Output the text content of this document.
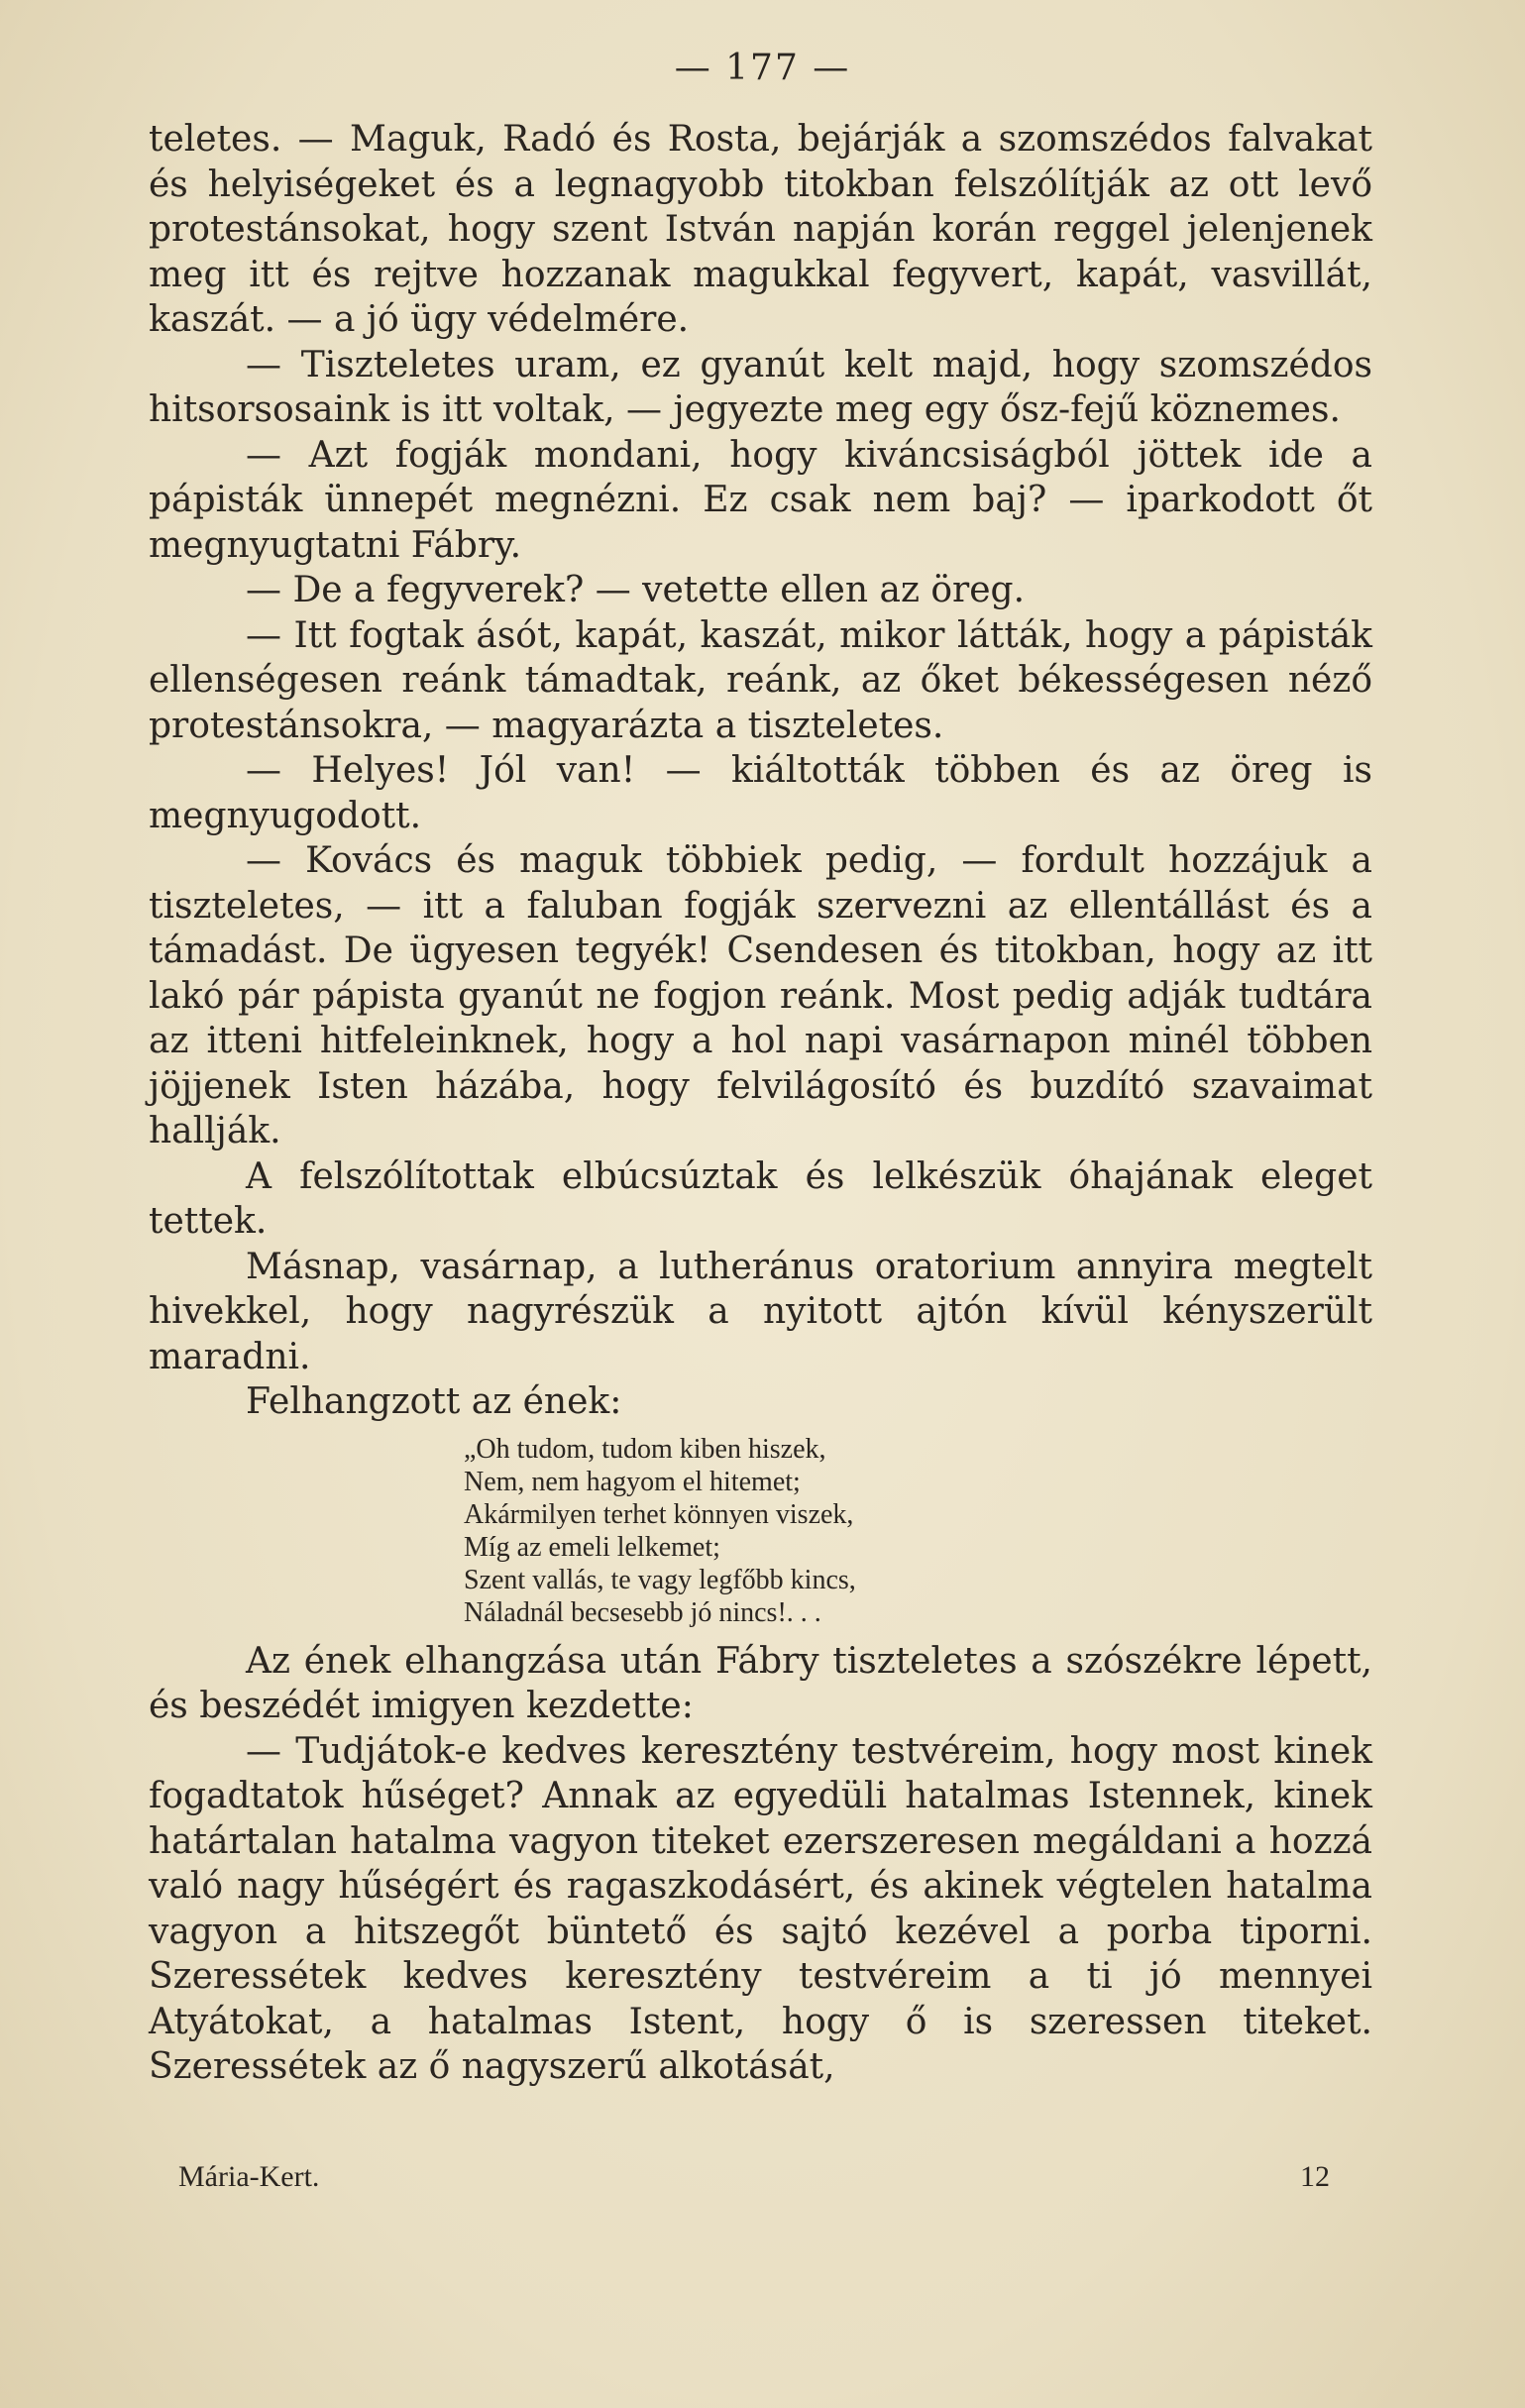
— 177 —

teletes. — Maguk, Radó és Rosta, bejárják a szomszédos falvakat és helyiségeket és a legnagyobb titokban felszólítják az ott levő protestánsokat, hogy szent István napján korán reggel jelenjenek meg itt és rejtve hozzanak magukkal fegyvert, kapát, vasvillát, kaszát. — a jó ügy védelmére.

— Tiszteletes uram, ez gyanút kelt majd, hogy szomszédos hitsorsosaink is itt voltak, — jegyezte meg egy ősz-fejű köznemes.

— Azt fogják mondani, hogy kiváncsiságból jöttek ide a pápisták ünnepét megnézni. Ez csak nem baj? — iparkodott őt megnyugtatni Fábry.

— De a fegyverek? — vetette ellen az öreg.

— Itt fogtak ásót, kapát, kaszát, mikor látták, hogy a pápisták ellenségesen reánk támadtak, reánk, az őket békességesen néző protestánsokra, — magyarázta a tiszteletes.

— Helyes! Jól van! — kiáltották többen és az öreg is megnyugodott.

— Kovács és maguk többiek pedig, — fordult hozzájuk a tiszteletes, — itt a faluban fogják szervezni az ellentállást és a támadást. De ügyesen tegyék! Csendesen és titokban, hogy az itt lakó pár pápista gyanút ne fogjon reánk. Most pedig adják tudtára az itteni hitfeleinknek, hogy a hol napi vasárnapon minél többen jöjjenek Isten házába, hogy felvilágosító és buzdító szavaimat hallják.

A felszólítottak elbúcsúztak és lelkészük óhajának eleget tettek.

Másnap, vasárnap, a lutheránus oratorium annyira megtelt hivekkel, hogy nagyrészük a nyitott ajtón kívül kényszerült maradni.

Felhangzott az ének:

„Oh tudom, tudom kiben hiszek,
Nem, nem hagyom el hitemet;
Akármilyen terhet könnyen viszek,
Míg az emeli lelkemet;
Szent vallás, te vagy legfőbb kincs,
Náladnál becsesebb jó nincs!. . .

Az ének elhangzása után Fábry tiszteletes a szószékre lépett, és beszédét imigyen kezdette:

— Tudjátok-e kedves keresztény testvéreim, hogy most kinek fogadtatok hűséget? Annak az egyedüli hatalmas Istennek, kinek határtalan hatalma vagyon titeket ezerszeresen megáldani a hozzá való nagy hűségért és ragaszkodásért, és akinek végtelen hatalma vagyon a hitszegőt büntető és sajtó kezével a porba tiporni. Szeressétek kedves keresztény testvéreim a ti jó mennyei Atyátokat, a hatalmas Istent, hogy ő is szeressen titeket. Szeressétek az ő nagyszerű alkotását,

Mária-Kert.	12
